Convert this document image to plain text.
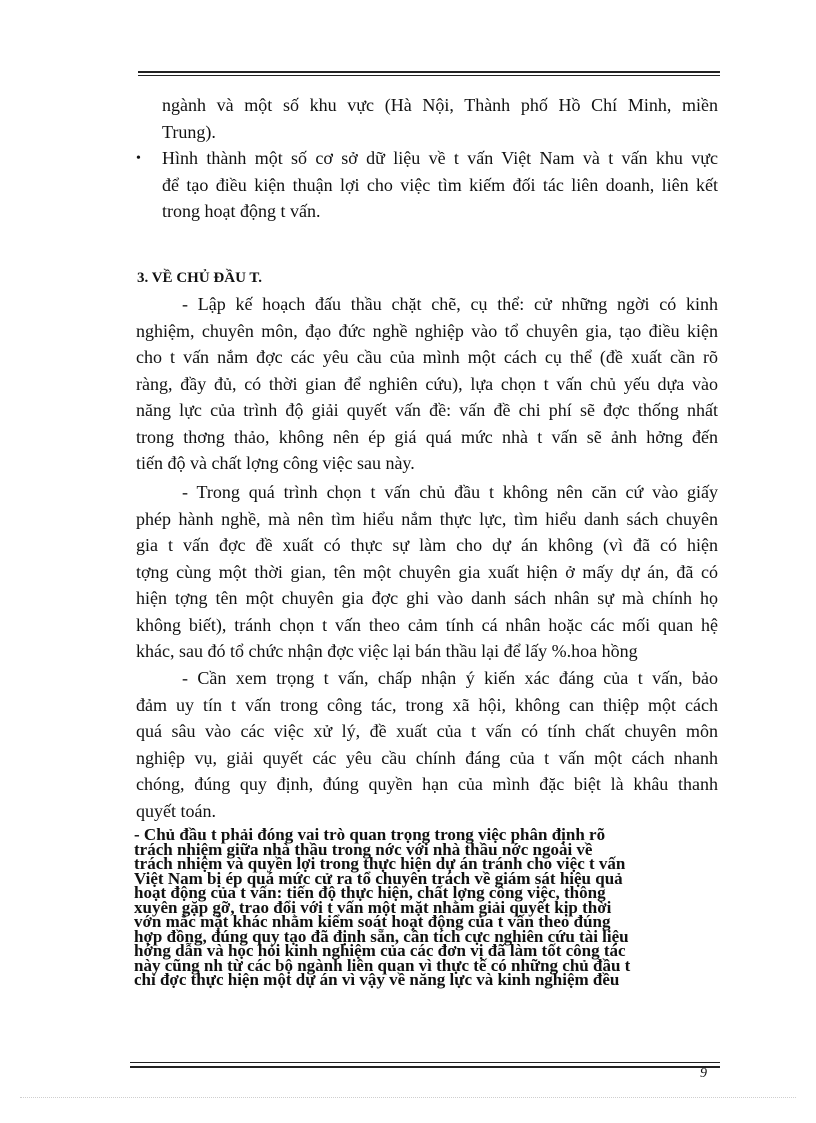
ngành và một số khu vực (Hà Nội, Thành phố Hồ Chí Minh, miền
Trung).
• Hình thành một số cơ sở dữ liệu về t vấn Việt Nam và t vấn khu vực
để tạo điều kiện thuận lợi cho việc tìm kiếm đối tác liên doanh, liên kết
trong hoạt động t vấn.
3. VỀ CHỦ ĐẦU T.
- Lập kế hoạch đấu thầu chặt chẽ, cụ thể: cử những ngời có kinh
nghiệm, chuyên môn, đạo đức nghề nghiệp vào tổ chuyên gia, tạo điều kiện
cho t vấn nắm đợc các yêu cầu của mình một cách cụ thể (đề xuất cần rõ
ràng, đầy đủ, có thời gian để nghiên cứu), lựa chọn t vấn chủ yếu dựa vào
năng lực của trình độ giải quyết vấn đề: vấn đề chi phí sẽ đợc thống nhất
trong thơng thảo, không nên ép giá quá mức nhà t vấn sẽ ảnh hởng đến
tiến độ và chất lợng công việc sau này.
- Trong quá trình chọn t vấn chủ đầu t không nên căn cứ vào giấy
phép hành nghề, mà nên tìm hiểu nắm thực lực, tìm hiểu danh sách chuyên
gia t vấn đợc đề xuất có thực sự làm cho dự án không (vì đã có hiện
tợng cùng một thời gian, tên một chuyên gia xuất hiện ở mấy dự án, đã có
hiện tợng tên một chuyên gia đợc ghi vào danh sách nhân sự mà chính họ
không biết), tránh chọn t vấn theo cảm tính cá nhân hoặc các mối quan hệ
khác, sau đó tổ chức nhận đợc việc lại bán thầu lại để lấy %.hoa hồng
- Cần xem trọng t vấn, chấp nhận ý kiến xác đáng của t vấn, bảo
đảm uy tín t vấn trong công tác, trong xã hội, không can thiệp một cách
quá sâu vào các việc xử lý, đề xuất của t vấn có tính chất chuyên môn
nghiệp vụ, giải quyết các yêu cầu chính đáng của t vấn một cách nhanh
chóng, đúng quy định, đúng quyền hạn của mình đặc biệt là khâu thanh
quyết toán.
- Chủ đầu t phải đóng vai trò quan trọng trong việc phân định rõ
trách nhiệm giữa nhà thầu trong nớc với nhà thầu nớc ngoài về
trách nhiệm và quyền lợi trong thực hiện dự án tránh cho việc t vấn
Việt Nam bị ép quá mức cử ra tổ chuyên trách về giám sát hiệu quả
hoạt động của t vấn: tiến độ thực hiện, chất lợng công việc, thông
xuyên gặp gỡ, trao đổi với t vấn một mặt nhằm giải quyết kịp thời
vớn mắc mặt khác nhằm kiểm soát hoạt động của t vấn theo đúng
hợp đồng, đúng quy tạo đã định sẵn, cần tích cực nghiên cứu tài liệu
hớng dẫn và học hỏi kinh nghiệm của các đơn vị đã làm tốt công tác
này cũng nh từ các bộ ngành liên quan vì thực tế có những chủ đầu t
chỉ đợc thực hiện một dự án vì vậy về năng lực và kinh nghiệm đều
9
